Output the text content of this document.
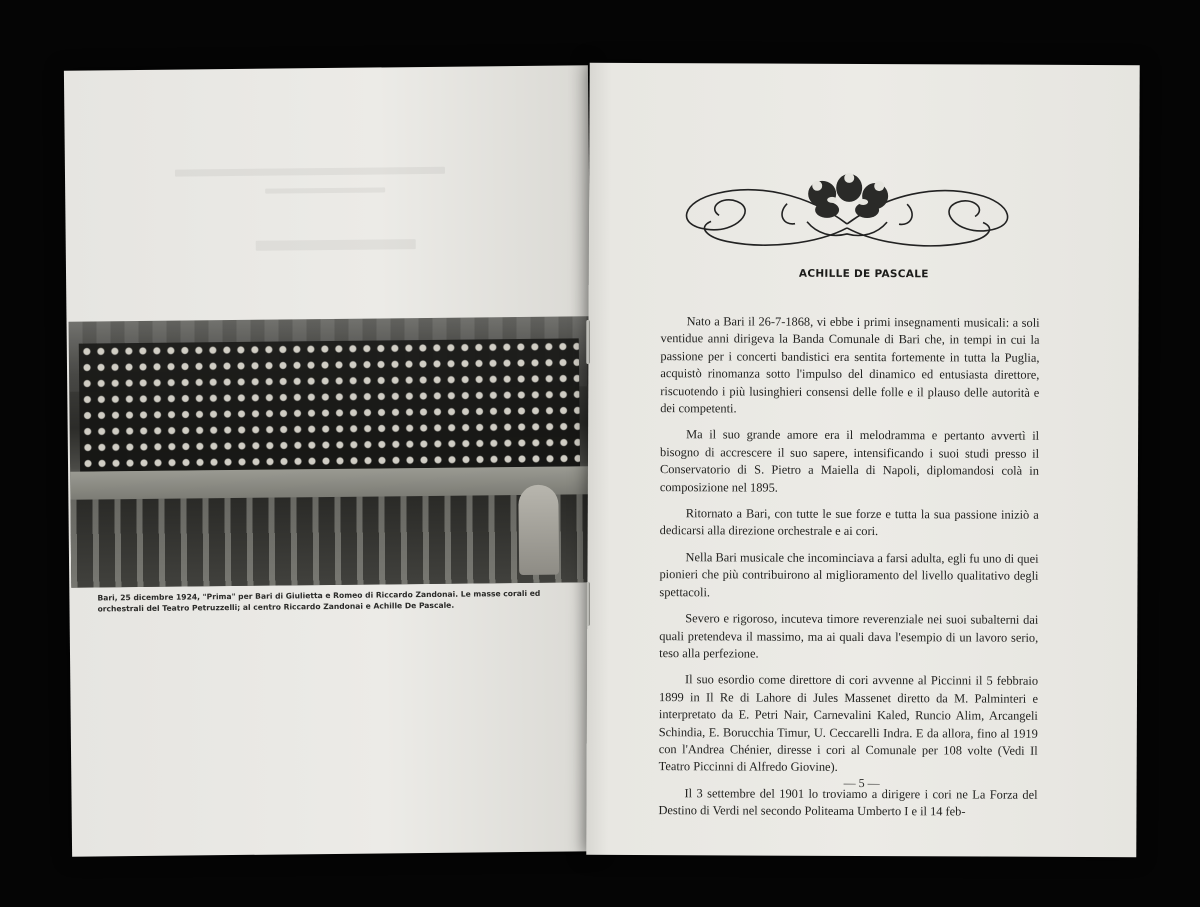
Bari, 25 dicembre 1924, "Prima" per Bari di Giulietta e Romeo di Riccardo Zandonai. Le masse corali ed orchestrali del Teatro Petruzzelli; al centro Riccardo Zandonai e Achille De Pascale.
ACHILLE DE PASCALE

Nato a Bari il 26-7-1868, vi ebbe i primi insegnamenti musicali: a soli ventidue anni dirigeva la Banda Comunale di Bari che, in tempi in cui la passione per i concerti bandistici era sentita fortemente in tutta la Puglia, acquistò rinomanza sotto l'impulso del dinamico ed entusiasta direttore, riscuotendo i più lusinghieri consensi delle folle e il plauso delle autorità e dei competenti.

Ma il suo grande amore era il melodramma e pertanto avvertì il bisogno di accrescere il suo sapere, intensificando i suoi studi presso il Conservatorio di S. Pietro a Maiella di Napoli, diplomandosi colà in composizione nel 1895.

Ritornato a Bari, con tutte le sue forze e tutta la sua passione iniziò a dedicarsi alla direzione orchestrale e ai cori.

Nella Bari musicale che incominciava a farsi adulta, egli fu uno di quei pionieri che più contribuirono al miglioramento del livello qualitativo degli spettacoli.

Severo e rigoroso, incuteva timore reverenziale nei suoi subalterni dai quali pretendeva il massimo, ma ai quali dava l'esempio di un lavoro serio, teso alla perfezione.

Il suo esordio come direttore di cori avvenne al Piccinni il 5 febbraio 1899 in Il Re di Lahore di Jules Massenet diretto da M. Palminteri e interpretato da E. Petri Nair, Carnevalini Kaled, Runcio Alim, Arcangeli Schindia, E. Borucchia Timur, U. Ceccarelli Indra. E da allora, fino al 1919 con l'Andrea Chénier, diresse i cori al Comunale per 108 volte (Vedi Il Teatro Piccinni di Alfredo Giovine).

Il 3 settembre del 1901 lo troviamo a dirigere i cori ne La Forza del Destino di Verdi nel secondo Politeama Umberto I e il 14 feb-

— 5 —
